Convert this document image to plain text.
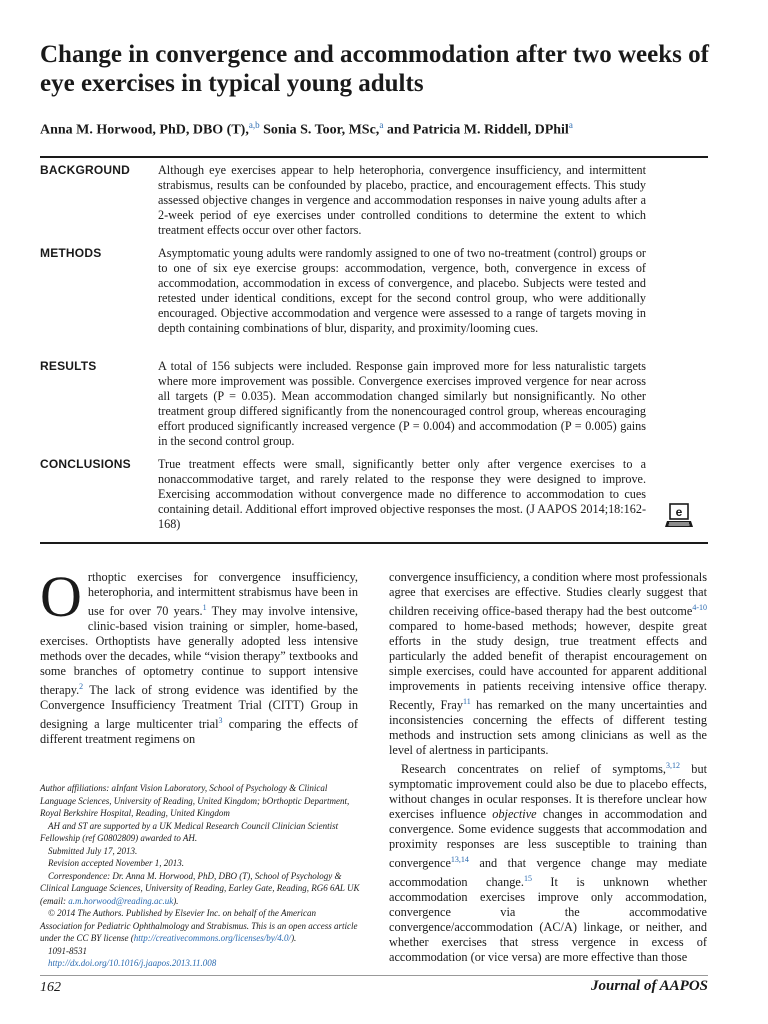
Change in convergence and accommodation after two weeks of eye exercises in typical young adults
Anna M. Horwood, PhD, DBO (T),$^{a,b}$ Sonia S. Toor, MSc,$^a$ and Patricia M. Riddell, DPhil$^a$
BACKGROUND	Although eye exercises appear to help heterophoria, convergence insufficiency, and intermittent strabismus, results can be confounded by placebo, practice, and encouragement effects. This study assessed objective changes in vergence and accommodation responses in naive young adults after a 2-week period of eye exercises under controlled conditions to determine the extent to which treatment effects occur over other factors.
METHODS	Asymptomatic young adults were randomly assigned to one of two no-treatment (control) groups or to one of six eye exercise groups: accommodation, vergence, both, convergence in excess of accommodation, accommodation in excess of convergence, and placebo. Subjects were tested and retested under identical conditions, except for the second control group, who were additionally encouraged. Objective accommodation and vergence were assessed to a range of targets moving in depth containing combinations of blur, disparity, and proximity/looming cues.
RESULTS	A total of 156 subjects were included. Response gain improved more for less naturalistic targets where more improvement was possible. Convergence exercises improved vergence for near across all targets (P = 0.035). Mean accommodation changed similarly but nonsignificantly. No other treatment group differed significantly from the nonencouraged control group, whereas encouraging effort produced significantly increased vergence (P = 0.004) and accommodation (P = 0.005) gains in the second control group.
CONCLUSIONS	True treatment effects were small, significantly better only after vergence exercises to a nonaccommodative target, and rarely related to the response they were designed to improve. Exercising accommodation without convergence made no difference to accommodation to cues containing detail. Additional effort improved objective responses the most. (J AAPOS 2014;18:162-168)
e

Orthoptic exercises for convergence insufficiency, heterophoria, and intermittent strabismus have been in use for over 70 years.$^1$ They may involve intensive, clinic-based vision training or simpler, home-based, exercises. Orthoptists have generally adopted less intensive methods over the decades, while “vision therapy” textbooks and some branches of optometry continue to support intensive therapy.$^2$ The lack of strong evidence was identified by the Convergence Insufficiency Treatment Trial (CITT) Group in designing a large multicenter trial$^3$ comparing the effects of different treatment regimens on

convergence insufficiency, a condition where most professionals agree that exercises are effective. Studies clearly suggest that children receiving office-based therapy had the best outcome$^{4-10}$ compared to home-based methods; however, despite great efforts in the study design, true treatment effects and particularly the added benefit of therapist encouragement on simple exercises, could have accounted for apparent additional improvements in patients receiving intensive office therapy. Recently, Fray$^{11}$ has remarked on the many uncertainties and inconsistencies concerning the effects of different testing methods and instruction sets among clinicians as well as the level of alertness in participants.

Research concentrates on relief of symptoms,$^{3,12}$ but symptomatic improvement could also be due to placebo effects, without changes in ocular responses. It is therefore unclear how exercises influence objective changes in accommodation and convergence. Some evidence suggests that accommodation and proximity responses are less susceptible to training than convergence$^{13,14}$ and that vergence change may mediate accommodation change.$^{15}$ It is unknown whether accommodation exercises improve only accommodation, convergence via the accommodative convergence/accommodation (AC/A) linkage, or neither, and whether exercises that stress vergence in excess of accommodation (or vice versa) are more effective than those

Author affiliations: aInfant Vision Laboratory, School of Psychology & Clinical Language Sciences, University of Reading, United Kingdom; bOrthoptic Department, Royal Berkshire Hospital, Reading, United Kingdom
AH and ST are supported by a UK Medical Research Council Clinician Scientist Fellowship (ref G0802809) awarded to AH.
Submitted July 17, 2013.
Revision accepted November 1, 2013.
Correspondence: Dr. Anna M. Horwood, PhD, DBO (T), School of Psychology & Clinical Language Sciences, University of Reading, Earley Gate, Reading, RG6 6AL UK (email: a.m.horwood@reading.ac.uk).
© 2014 The Authors. Published by Elsevier Inc. on behalf of the American Association for Pediatric Ophthalmology and Strabismus. This is an open access article under the CC BY license (http://creativecommons.org/licenses/by/4.0/).
1091-8531
http://dx.doi.org/10.1016/j.jaapos.2013.11.008
162	Journal of AAPOS
